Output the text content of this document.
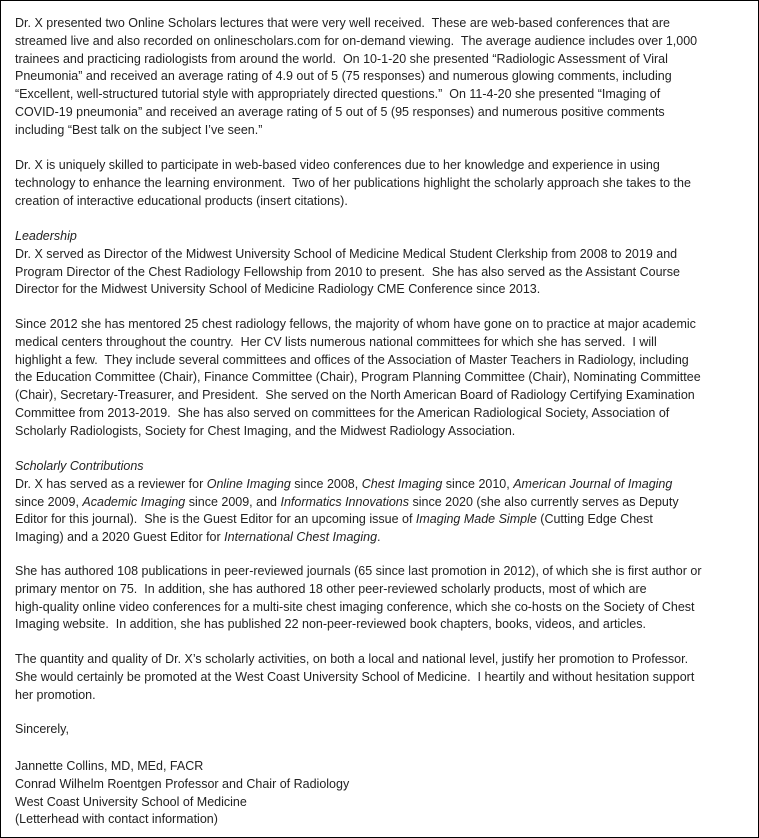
Dr. X presented two Online Scholars lectures that were very well received.  These are web-based conferences that are
streamed live and also recorded on onlinescholars.com for on-demand viewing.  The average audience includes over 1,000
trainees and practicing radiologists from around the world.  On 10-1-20 she presented “Radiologic Assessment of Viral
Pneumonia” and received an average rating of 4.9 out of 5 (75 responses) and numerous glowing comments, including
“Excellent, well-structured tutorial style with appropriately directed questions.”  On 11-4-20 she presented “Imaging of
COVID-19 pneumonia” and received an average rating of 5 out of 5 (95 responses) and numerous positive comments
including “Best talk on the subject I’ve seen.”
Dr. X is uniquely skilled to participate in web-based video conferences due to her knowledge and experience in using
technology to enhance the learning environment.  Two of her publications highlight the scholarly approach she takes to the
creation of interactive educational products (insert citations).
Leadership
Dr. X served as Director of the Midwest University School of Medicine Medical Student Clerkship from 2008 to 2019 and
Program Director of the Chest Radiology Fellowship from 2010 to present.  She has also served as the Assistant Course
Director for the Midwest University School of Medicine Radiology CME Conference since 2013.
Since 2012 she has mentored 25 chest radiology fellows, the majority of whom have gone on to practice at major academic
medical centers throughout the country.  Her CV lists numerous national committees for which she has served.  I will
highlight a few.  They include several committees and offices of the Association of Master Teachers in Radiology, including
the Education Committee (Chair), Finance Committee (Chair), Program Planning Committee (Chair), Nominating Committee
(Chair), Secretary-Treasurer, and President.  She served on the North American Board of Radiology Certifying Examination
Committee from 2013-2019.  She has also served on committees for the American Radiological Society, Association of
Scholarly Radiologists, Society for Chest Imaging, and the Midwest Radiology Association.
Scholarly Contributions
Dr. X has served as a reviewer for Online Imaging since 2008, Chest Imaging since 2010, American Journal of Imaging
since 2009, Academic Imaging since 2009, and Informatics Innovations since 2020 (she also currently serves as Deputy
Editor for this journal).  She is the Guest Editor for an upcoming issue of Imaging Made Simple (Cutting Edge Chest
Imaging) and a 2020 Guest Editor for International Chest Imaging.
She has authored 108 publications in peer-reviewed journals (65 since last promotion in 2012), of which she is first author or
primary mentor on 75.  In addition, she has authored 18 other peer-reviewed scholarly products, most of which are
high-quality online video conferences for a multi-site chest imaging conference, which she co-hosts on the Society of Chest
Imaging website.  In addition, she has published 22 non-peer-reviewed book chapters, books, videos, and articles.
The quantity and quality of Dr. X’s scholarly activities, on both a local and national level, justify her promotion to Professor.
She would certainly be promoted at the West Coast University School of Medicine.  I heartily and without hesitation support
her promotion.
Sincerely,
Jannette Collins, MD, MEd, FACR
Conrad Wilhelm Roentgen Professor and Chair of Radiology
West Coast University School of Medicine
(Letterhead with contact information)
